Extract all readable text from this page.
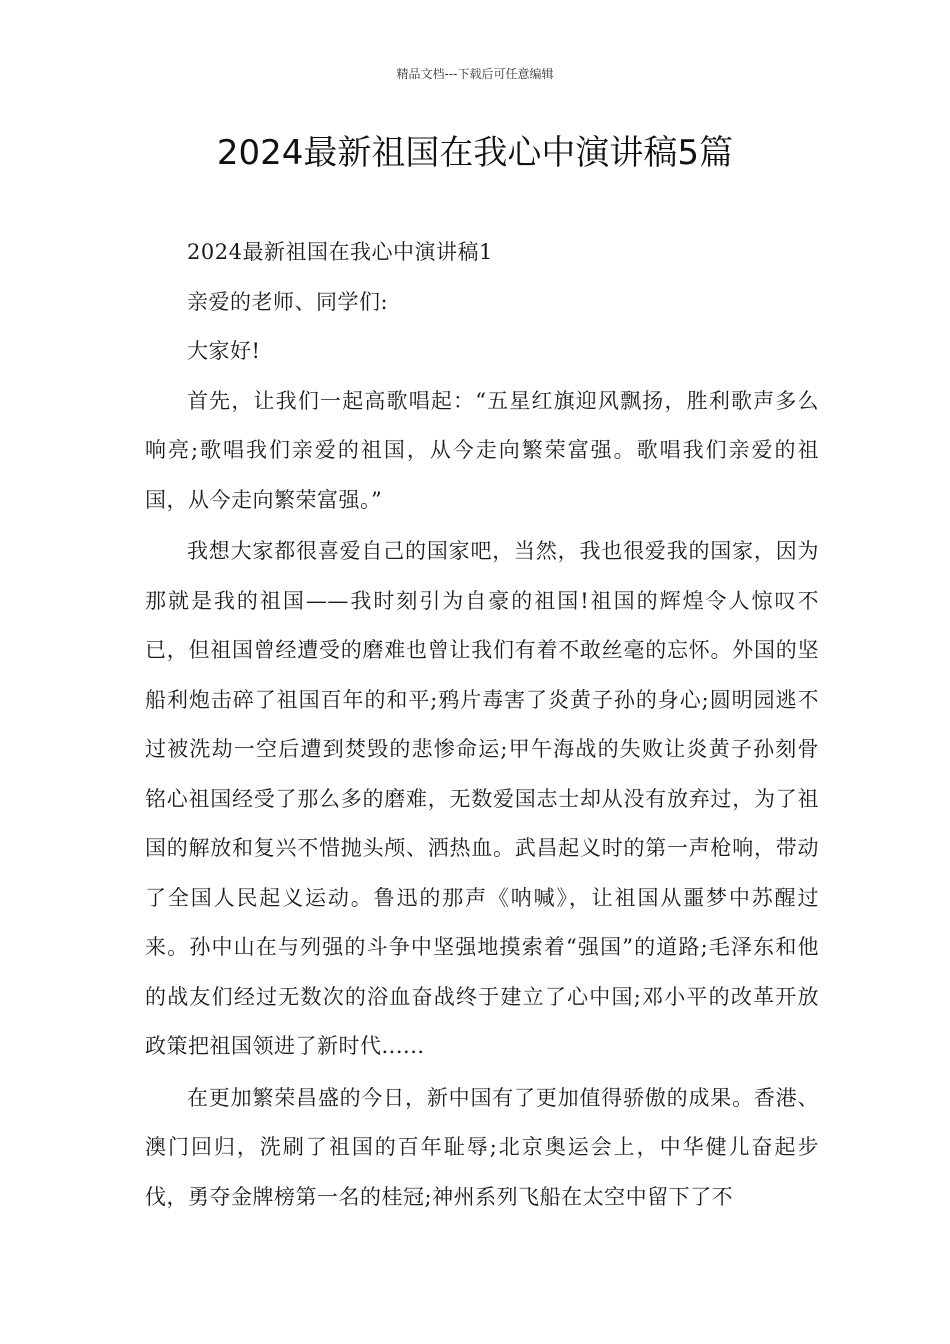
精品文档---下载后可任意编辑
2024最新祖国在我心中演讲稿5篇

2024最新祖国在我心中演讲稿1

亲爱的老师、同学们:

大家好!

首先，让我们一起高歌唱起：“五星红旗迎风飘扬，胜利歌声多么响亮;歌唱我们亲爱的祖国，从今走向繁荣富强。歌唱我们亲爱的祖国，从今走向繁荣富强。”

我想大家都很喜爱自己的国家吧，当然，我也很爱我的国家，因为那就是我的祖国——我时刻引为自豪的祖国!祖国的辉煌令人惊叹不已，但祖国曾经遭受的磨难也曾让我们有着不敢丝毫的忘怀。外国的坚船利炮击碎了祖国百年的和平;鸦片毒害了炎黄子孙的身心;圆明园逃不过被洗劫一空后遭到焚毁的悲惨命运;甲午海战的失败让炎黄子孙刻骨铭心祖国经受了那么多的磨难，无数爱国志士却从没有放弃过，为了祖国的解放和复兴不惜抛头颅、洒热血。武昌起义时的第一声枪响，带动了全国人民起义运动。鲁迅的那声《呐喊》，让祖国从噩梦中苏醒过来。孙中山在与列强的斗争中坚强地摸索着“强国”的道路;毛泽东和他的战友们经过无数次的浴血奋战终于建立了心中国;邓小平的改革开放政策把祖国领进了新时代......

在更加繁荣昌盛的今日，新中国有了更加值得骄傲的成果。香港、澳门回归，洗刷了祖国的百年耻辱;北京奥运会上，中华健儿奋起步伐，勇夺金牌榜第一名的桂冠;神州系列飞船在太空中留下了不
